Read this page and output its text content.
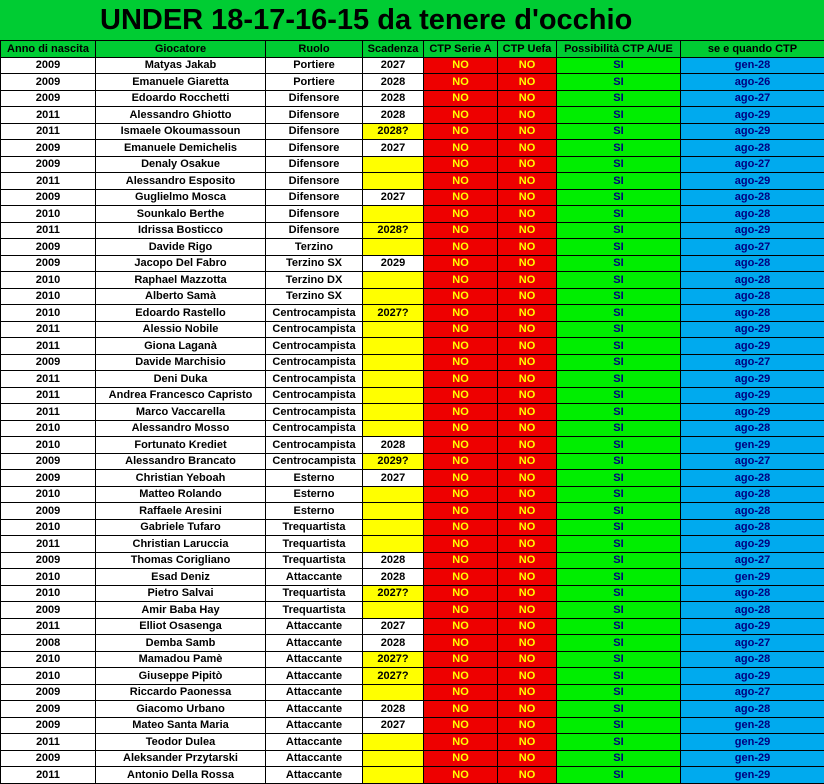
UNDER 18-17-16-15 da tenere d'occhio
Anno di nascita	Giocatore	Ruolo	Scadenza	CTP Serie A	CTP Uefa	Possibilità CTP A/UE	se e quando CTP
2009	Matyas Jakab	Portiere	2027	NO	NO	SI	gen-28
2009	Emanuele Giaretta	Portiere	2028	NO	NO	SI	ago-26
2009	Edoardo Rocchetti	Difensore	2028	NO	NO	SI	ago-27
2011	Alessandro Ghiotto	Difensore	2028	NO	NO	SI	ago-29
2011	Ismaele Okoumassoun	Difensore	2028?	NO	NO	SI	ago-29
2009	Emanuele Demichelis	Difensore	2027	NO	NO	SI	ago-28
2009	Denaly Osakue	Difensore		NO	NO	SI	ago-27
2011	Alessandro Esposito	Difensore		NO	NO	SI	ago-29
2009	Guglielmo Mosca	Difensore	2027	NO	NO	SI	ago-28
2010	Sounkalo Berthe	Difensore		NO	NO	SI	ago-28
2011	Idrissa Bosticco	Difensore	2028?	NO	NO	SI	ago-29
2009	Davide Rigo	Terzino		NO	NO	SI	ago-27
2009	Jacopo Del Fabro	Terzino SX	2029	NO	NO	SI	ago-28
2010	Raphael Mazzotta	Terzino DX		NO	NO	SI	ago-28
2010	Alberto Samà	Terzino SX		NO	NO	SI	ago-28
2010	Edoardo Rastello	Centrocampista	2027?	NO	NO	SI	ago-28
2011	Alessio Nobile	Centrocampista		NO	NO	SI	ago-29
2011	Giona Laganà	Centrocampista		NO	NO	SI	ago-29
2009	Davide Marchisio	Centrocampista		NO	NO	SI	ago-27
2011	Deni Duka	Centrocampista		NO	NO	SI	ago-29
2011	Andrea Francesco Capristo	Centrocampista		NO	NO	SI	ago-29
2011	Marco Vaccarella	Centrocampista		NO	NO	SI	ago-29
2010	Alessandro Mosso	Centrocampista		NO	NO	SI	ago-28
2010	Fortunato Krediet	Centrocampista	2028	NO	NO	SI	gen-29
2009	Alessandro Brancato	Centrocampista	2029?	NO	NO	SI	ago-27
2009	Christian Yeboah	Esterno	2027	NO	NO	SI	ago-28
2010	Matteo Rolando	Esterno		NO	NO	SI	ago-28
2009	Raffaele Aresini	Esterno		NO	NO	SI	ago-28
2010	Gabriele Tufaro	Trequartista		NO	NO	SI	ago-28
2011	Christian Laruccia	Trequartista		NO	NO	SI	ago-29
2009	Thomas Corigliano	Trequartista	2028	NO	NO	SI	ago-27
2010	Esad Deniz	Attaccante	2028	NO	NO	SI	gen-29
2010	Pietro Salvai	Trequartista	2027?	NO	NO	SI	ago-28
2009	Amir Baba Hay	Trequartista		NO	NO	SI	ago-28
2011	Elliot Osasenga	Attaccante	2027	NO	NO	SI	ago-29
2008	Demba Samb	Attaccante	2028	NO	NO	SI	ago-27
2010	Mamadou Pamè	Attaccante	2027?	NO	NO	SI	ago-28
2010	Giuseppe Pipitò	Attaccante	2027?	NO	NO	SI	ago-29
2009	Riccardo Paonessa	Attaccante		NO	NO	SI	ago-27
2009	Giacomo Urbano	Attaccante	2028	NO	NO	SI	ago-28
2009	Mateo Santa Maria	Attaccante	2027	NO	NO	SI	gen-28
2011	Teodor Dulea	Attaccante		NO	NO	SI	gen-29
2009	Aleksander Przytarski	Attaccante		NO	NO	SI	gen-29
2011	Antonio Della Rossa	Attaccante		NO	NO	SI	gen-29
